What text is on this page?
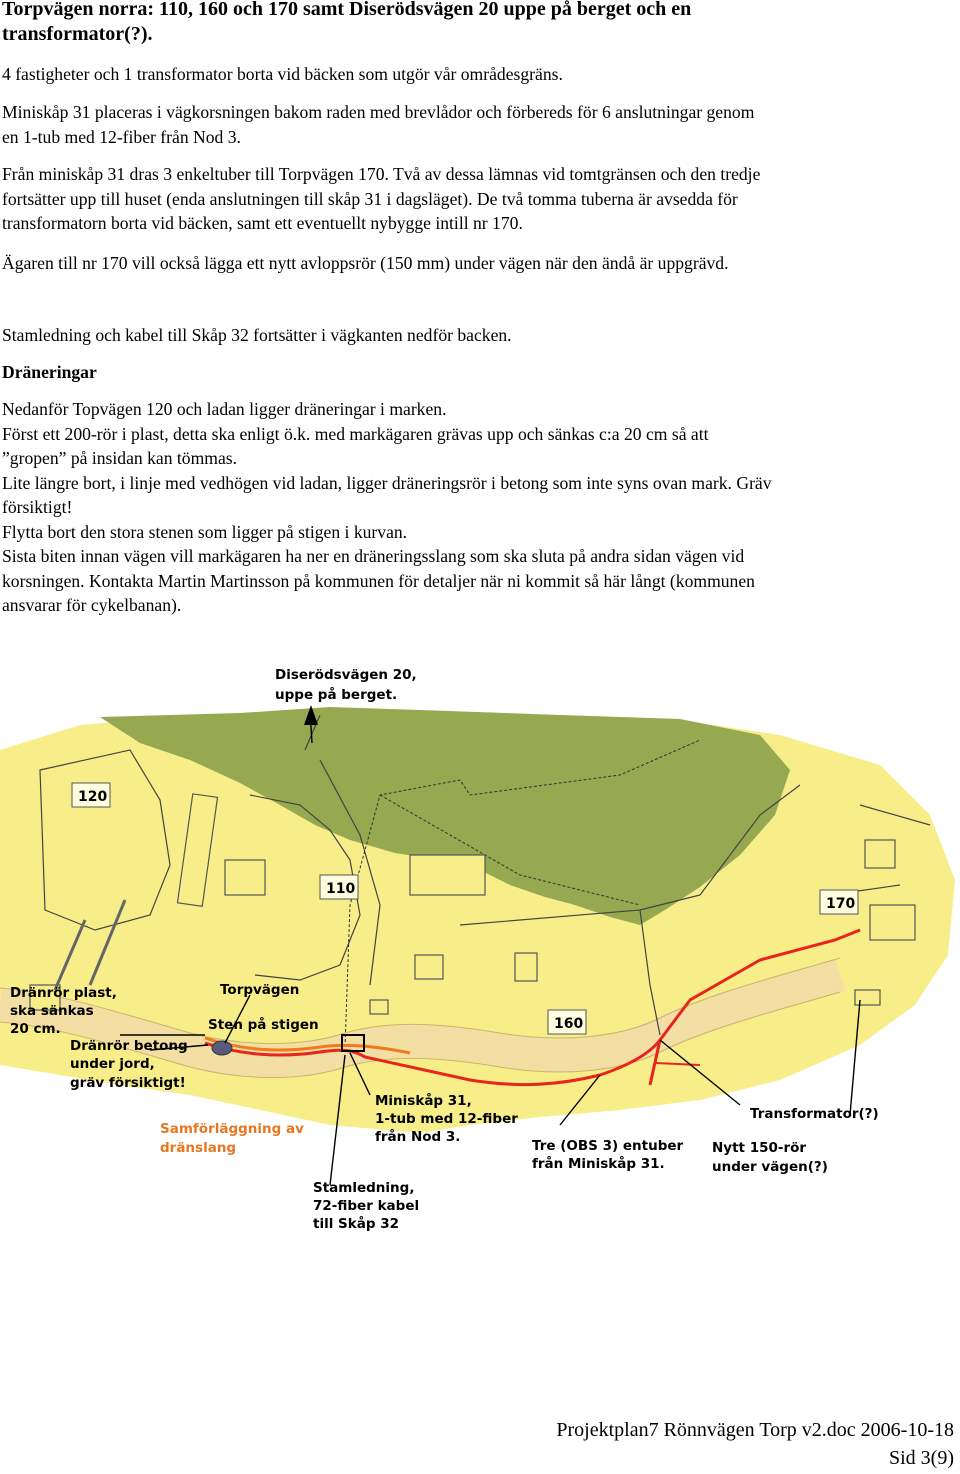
Torpvägen norra: 110, 160 och 170 samt Diserödsvägen 20 uppe på berget och en
transformator(?).
4 fastigheter och 1 transformator borta vid bäcken som utgör vår områdesgräns.
Miniskåp 31 placeras i vägkorsningen bakom raden med brevlådor och förbereds för 6 anslutningar genom
en 1-tub med 12-fiber från Nod 3.
Från miniskåp 31 dras 3 enkeltuber till Torpvägen 170. Två av dessa lämnas vid tomtgränsen och den tredje
fortsätter upp till huset (enda anslutningen till skåp 31 i dagsläget). De två tomma tuberna är avsedda för
transformatorn borta vid bäcken, samt ett eventuellt nybygge intill nr 170.
Ägaren till nr 170 vill också lägga ett nytt avloppsrör (150 mm) under vägen när den ändå är uppgrävd.
Stamledning och kabel till Skåp 32 fortsätter i vägkanten nedför backen.
Dräneringar
Nedanför Topvägen 120 och ladan ligger dräneringar i marken.
Först ett 200-rör i plast, detta ska enligt ö.k. med markägaren grävas upp och sänkas c:a 20 cm så att
”gropen” på insidan kan tömmas.
Lite längre bort, i linje med vedhögen vid ladan, ligger dräneringsrör i betong som inte syns ovan mark. Gräv
försiktigt!
Flytta bort den stora stenen som ligger på stigen i kurvan.
Sista biten innan vägen vill markägaren ha ner en dräneringsslang som ska sluta på andra sidan vägen vid
korsningen. Kontakta Martin Martinsson på kommunen för detaljer när ni kommit så här långt (kommunen
ansvarar för cykelbanan).
120
110
170
160
Diserödsvägen 20,
uppe på berget.
Torpvägen
Sten på stigen
Dränrör plast,
ska sänkas
20 cm.
Dränrör betong
under jord,
gräv försiktigt!
Samförläggning av
dränslang
Miniskåp 31,
1-tub med 12-fiber
från Nod 3.
Tre (OBS 3) entuber
från Miniskåp 31.
Transformator(?)
Nytt 150-rör
under vägen(?)
Stamledning,
72-fiber kabel
till Skåp 32
Projektplan7 Rönnvägen Torp v2.doc 2006-10-18
Sid 3(9)
